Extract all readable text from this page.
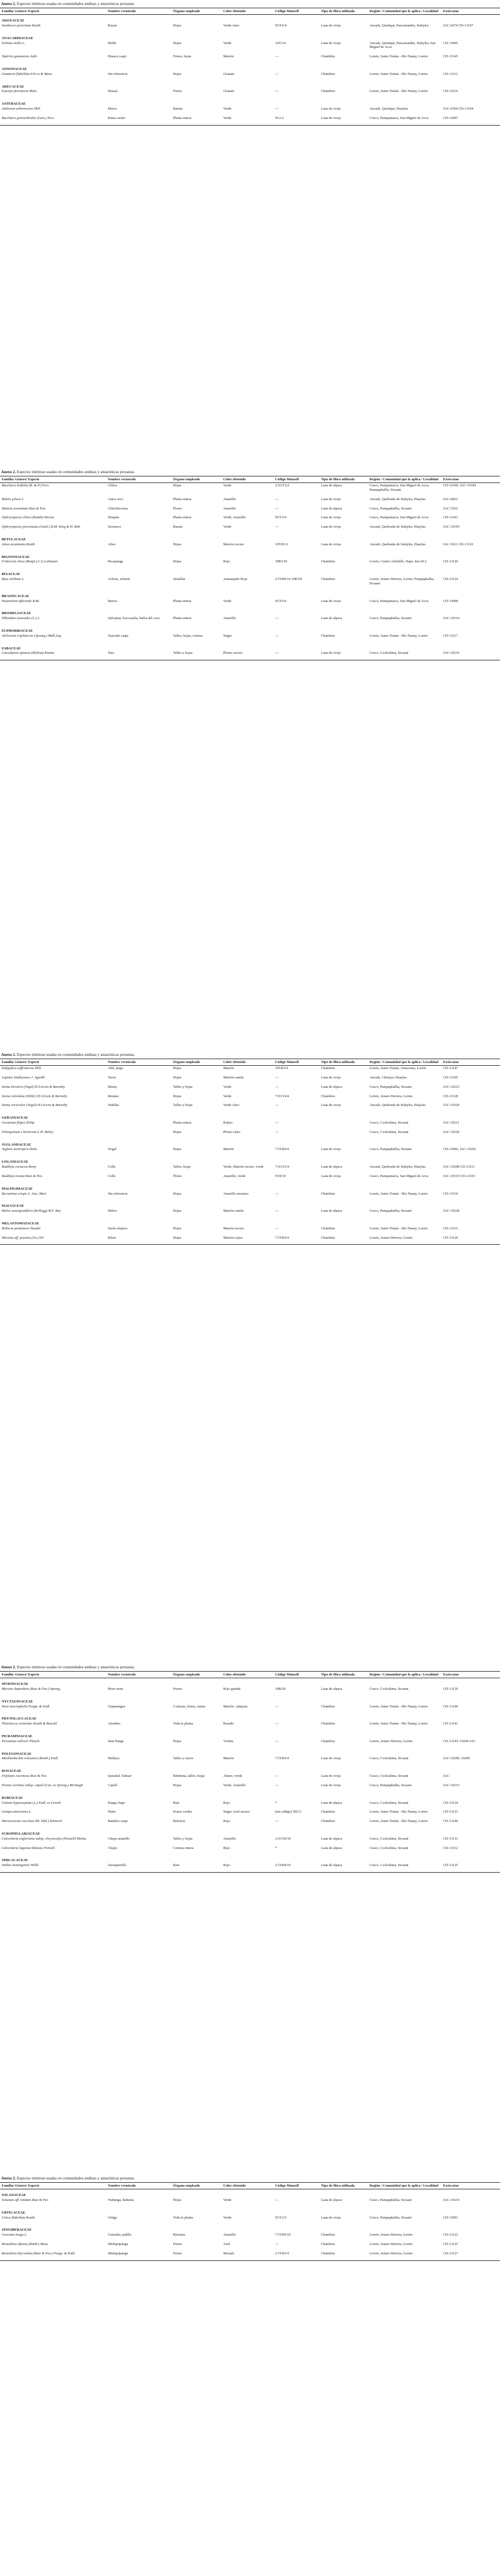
Anexo 2. Especies tintóreas usadas en comunidades andinas y amazónicas peruanas.
Familia/ Género/ Especie	Nombre vernáculo	Órgano empleado	Color obtenido	Código Munsell	Tipo de fibra utilizada	Región / Comunidad que lo aplica / Localidad	Exsiccatae
ADOXACEAE							
Sambucus peruviana Kunth	Rayan	Hojas	Verde claro	5GY6/4	Lana de oveja	Ancash, Quishqui, Paucartambo, Sukiyku	JAC-6674 CD-13107
ANACARDIACEAE							
Schinus molle L.	Molle	Hojas	Verde	10Y3/4	Lana de oveja	Ancash, Quishqui, Paucartambo, Sukiyku, San Miguel de Acos	CD-13095
Tapirira guianensis Aubl.	Huasca caspi	Frutos, hojas	Marrón	—	Chambira	Loreto, Santo Tomás - Río Nanay, Loreto	CD-13145
ANNONACEAE							
Guatteria flabellata Erk ex & Maas	Sin referencia	Hojas	Granate	—	Chambira	Loreto, Santo Tomás - Río Nanay, Loreto	CD-13112
ARECACEAE							
Euterpe precatoria Mart.	Huasaí	Frutos	Granate	—	Chambira	Loreto, Santo Tomás - Río Nanay, Loreto	CD-13119
ASTERACEAE							
Ambrosia arborescens Mill.	Marco	Ramas	Verde	—	Lana de oveja	Ancash, Quishqui, Huaylas	JAC-6394 CD-13104
Baccharis genistelloides (Lam.) Pers.	Kinsa cucho	Planta entera	Verde	5G1/2	Lana de oveja	Cusco, Pampamarca, San Miguel de Acos	CD-13097
Anexo 2. Especies tintóreas usadas en comunidades andinas y amazónicas peruanas.
Familia/ Género/ Especie	Nombre vernáculo	Órgano empleado	Color obtenido	Código Munsell	Tipo de fibra utilizada	Región / Comunidad que lo aplica / Localidad	Exsiccatae
Baccharis latifolia (R. & P.) Pers.	Chilca	Hojas	Verde	2.5GY2/4	Lana de alpaca	Cusco, Pampamarca, San Miguel de Acos, Pampaphallia, Sicuani	CD-13100, JAC-19184
Bidens pilosa L.	Amor seco	Planta entera	Amarillo	—	Lana de oveja	Ancash, Quebrada de Sukiyku, Huaylas	JAC-6833
Mutisia acuminata Ruiz & Pav.	Chinchircoma	Flores	Amarillo	—	Lana de alpaca	Cusco, Pampaphallia, Sicuani	JAC-7262
Ophryosporus chilca (Kunth) Hieron.	Shequia	Planta entera	Verde, Amarillo	5GY5/4	Lana de oveja	Cusco, Pampamarca, San Miguel de Acos	CD-13101
Ophryosporus peruvianus (Gmel.) R.M. King & H. Rob.	Suyumco	Ramas	Verde	—	Lana de oveja	Ancash, Quebrada de Sukiyku, Huaylas	JAC-19193
BETULACEAE							
Alnus acuminata Kunth	Aliso	Hojas	Marrón oscuro	10YR1/2	Lana de oveja	Ancash, Quebrada de Sukiyku, Huaylas	JAC-5621 CD-13110
BIGNONIACEAE							
Fridericia chica (Bonpl.) L.G.Lohmann	Pucapanga	Hojas	Rojo	10R3/10	Chambira	Loreto, Centro Arbolillo, Napo, km 60.2	CD-13120
BIXACEAE							
Bixa orellana L.	Achote, achiote	Semillas	Anaranjado Rojo	2.5YR6/14 10R3/8	Chambira	Loreto, Jenaro Herrera, Loreto, Pampaphallia, Sicuani	CD-13124
BRASSICACEAE							
Nasturtium officinale R.Br.	Berros	Planta entera	Verde	5GY5/6	Lana de oveja	Cusco, Pampamarca, San Miguel de Acos	CD-13098
BROMELIACEAE							
Tillandsia usneoides (L.) L.	Salvajina, Kaccassha, barba del coco	Planta entera	Amarillo	—	Lana de alpaca	Cusco, Pampaphallia, Sicuani	JAC-19314
EUPHORBIACEAE							
Alchornea triplinervia (Spreng.) Müll.Arg.	Zancudo caspi	Tallos, hojas, corteza	Negro	—	Chambira	Loreto, Santo Tomás - Río Nanay, Loreto	CD-13117
FABACEAE							
Caesalpinia spinosa (Molina) Kuntze	Tara	Tallos y hojas	Plomo oscuro	—	Lana de oveja	Cusco, Ccolcalima, Sicuani	JAC-19210
Anexo 2. Especies tintóreas usadas en comunidades andinas y amazónicas peruanas.
Familia/ Género/ Especie	Nombre vernáculo	Órgano empleado	Color obtenido	Código Munsell	Tipo de fibra utilizada	Región / Comunidad que lo aplica / Localidad	Exsiccatae
Indigofera suffruticosa Mill.	Añil, jiugo	Hojas	Marrón	10YR3/4	Chambira	Loreto, Santo Tomás, Amazonas, Loreto	CD-13147
Lupinus lindleyanus J. Agardh	Tarwi	Hojas	Marrón canela	—	Lana de oveja	Ancash, Chinaya, Huaylas	CD-13105
Senna birostris (Vogel) H.S.Irwin & Barneby	Mutuy	Tallos y hojas	Verde	—	Lana de alpaca	Cusco, Pampaphallia, Sicuani	JAC-19223
Senna reticulata (Willd.) H.S.Irwin & Barneby	Retama	Hojas	Verde	7.5GY4/4	Chambira	Loreto, Jenaro Herrera, Loreto	CD-13128
Senna versicolor (Vogel) H.S.Irwin & Barneby	Wakllac	Tallos y hojas	Verde claro	—	Lana de oveja	Ancash, Quebrada de Sukiyku, Huaylas	JAC-19320
GERANIACEAE							
Geranium filipes Killip		Planta entera	Rojizo	—		Cusco, Ccolcalima, Sicuani	JAC-19211
Pelargonium x hortorum L.H. Bailey		Hojas	Plomo claro	—		Cusco, Ccolcalima, Sicuani	JAC-19229
JUGLANDACEAE							
Juglans neotropica Diels.	Nogal	Hojas	Marrón	7.5YR2/4	Lana de oveja	Cusco, Pampaphallia, Sicuani	CD-13096, JAC-19292
LOGANIACEAE							
Buddleja coriacea Remy	Colle	Tallos, hojas	Verde, Marrón oscuro, verde	7.5GY2/4	Lana de alpaca	Ancash, Quebrada de Sukiyku, Huaylas	JAC-19208 CD-13111
Buddleja incana Ruiz & Pav.	Colle	Flores	Amarillo, verde	5Y8/10	Lana de oveja	Cusco, Pampamarca, San Miguel de Acos	JAC-19319 CD-13103
MALPIGHIACEAE							
Byrsonima crispa A. Juss. Mart	Sin referencia	Hojas	Amarillo mostaza	—	Chambira	Loreto, Santo Tomás - Río Nanay, Loreto	CD-13118
MALVACEAE							
Malva assurgentiflora (Kellogg) M.F. Ray	Malva	Hojas	Marrón canela	—	Lana de alpaca	Cusco, Pampaphallia, Sicuani	JAC-19228
MELASTOMATACEAE							
Bellucia pentamera Naudin	Sacha níspero	Hojas	Marrón oscuro	—	Chambira	Loreto, Santo Tomás - Río Nanay, Loreto	CD-13116
Miconia aff. prasina (Sw.) DC	Rifari	Hojas	Marrón rojizo	7.5YR3/4	Chambira	Loreto, Jenaro Herrera, Loreto	CD-13126
Anexo 2. Especies tintóreas usadas en comunidades andinas y amazónicas peruanas.
Familia/ Género/ Especie	Nombre vernáculo	Órgano empleado	Color obtenido	Código Munsell	Tipo de fibra utilizada	Región / Comunidad que lo aplica / Localidad	Exsiccatae
MYRSINACEAE							
Myrsine dependens (Ruiz & Pav.) Spreng.	Mote mote	Frutos	Rojo guinda	10R2/8	Lana de alpaca	Cusco, Ccolcalima, Sicuani	CD-13139
NYCTAGINACEAE							
Neea macrophylla Poepp. & Endl.	Tupanangua	Cortezas, frutos, ramas	Marrón / púrpura	—	Chambira	Loreto, Santo Tomás - Río Nanay, Loreto	CD-13140
PHYTOLACCACEAE							
Phytolacca rivinoides Kunth & Bouché	Airambo	Toda la planta	Rosado	—	Chambira	Loreto, Santo Tomás - Río Nanay, Loreto	CD-13141
PICRAMNIACEAE							
Picramnia sellowii Planch.	Sani Panga	Hojas	Violeta	—	Chambira	Loreto, Jenaro Herrera, Loreto	CD-13143/ 19294 JAC
POLYGONACEAE							
Muehlenbeckia volcanica (Benth.) Endl.	Mullaca	Tallos y raíces	Marrón	7.5YR3/4	Lana de oveja	Cusco, Ccolcalima, Sicuani	JAC-19200, 19206
ROSACEAE							
Polylepis racemosa Ruiz & Pav.	Queuñal, Yahuar	Ritidoma, tallos, hojas	Abano, verde	—	Lana de oveja	Cusco, Ccolcalima, Sicuani	JAC-
Prunus serotina subsp. capuli (Cav. ex Spreng.) McVaugh	Capulí	Hojas	Verde, Amarillo	—	Lana de oveja	Cusco, Pampaphallia, Sicuani	JAC-19213
RUBIACEAE							
Galium hypocarpium (L.) Endl. ex Griseb.	Panga chapi	Raíz	Rojo	*	Lana de alpaca	Cusco, Ccolcalima, Sicuani	CD-13134
Genipa americana L.	Huito	Frutos verdes	Negro Azul oscuro	(sin código) 5B1/2	Chambira	Loreto, Santo Tomás - Río Nanay, Loreto	CD-13123
Warszewiczia coccinea (M. Vahl.) Klotzsch	Bandera caspi	Brácteas	Rojo	—	Chambira	Loreto, Santo Tomás - Río Nanay, Loreto	CD-13146
SCROPHULARIACEAE							
Calceolaria engleriana subsp. chrysocalyx (Pennell) Molau	Chapu amarillo	Tallos y hojas	Amarillo	2.5GY8/10	Lana de alpaca	Cusco, Ccolcalima, Sicuani	CD-13133
Calceolaria lagunae-blancae Pennell	Chapu	Corteza entera	Rojo	*	Lana de alpaca	Cusco, Ccolcalima, Sicuani	CD-13132
SMILACACEAE							
Smilax domingensis Willd.	Zarzaparrilla	Raíz	Rojo	2.5YR4/10	Lana de alpaca	Cusco, Ccolcalima, Sicuani	CD-13135
Anexo 2. Especies tintóreas usadas en comunidades andinas y amazónicas peruanas.
Familia/ Género/ Especie	Nombre vernáculo	Órgano empleado	Color obtenido	Código Munsell	Tipo de fibra utilizada	Región / Comunidad que lo aplica / Localidad	Exsiccatae
SOLANACEAE							
Solanum aff. nitidum Ruiz & Pav.	Nuñunga, ñuñunia	Hojas	Verde	—	Lana de alpaca	Cusco, Pampaphallia, Sicuani	JAC-19219
URTICACEAE							
Urtica flabellata Kunth	Ortiga	Toda la planta	Verde	5GY2/2	Lana de oveja	Cusco, Pampaphallia, Sicuani	CD-13091
ZINGIBERACEAE							
Curcuma longa L.	Guisador, palillo	Rizomas	Amarillo	7.5YR5/10	Chambira	Loreto, Jenaro Herrera, Loreto	CD-13122
Renealmia alpinia (Rottb.) Maas	Mishquipanga	Frutos	Azul	—	Chambira	Loreto, Jenaro Herrera, Loreto	CD-13125
Renealmia thyrsoidea (Ruiz & Pav.) Poepp. & Endl.	Mishquipanga	Frutos	Morado	2.5YR3/4	Chambira	Loreto, Jenaro Herrera, Loreto	CD-13127
